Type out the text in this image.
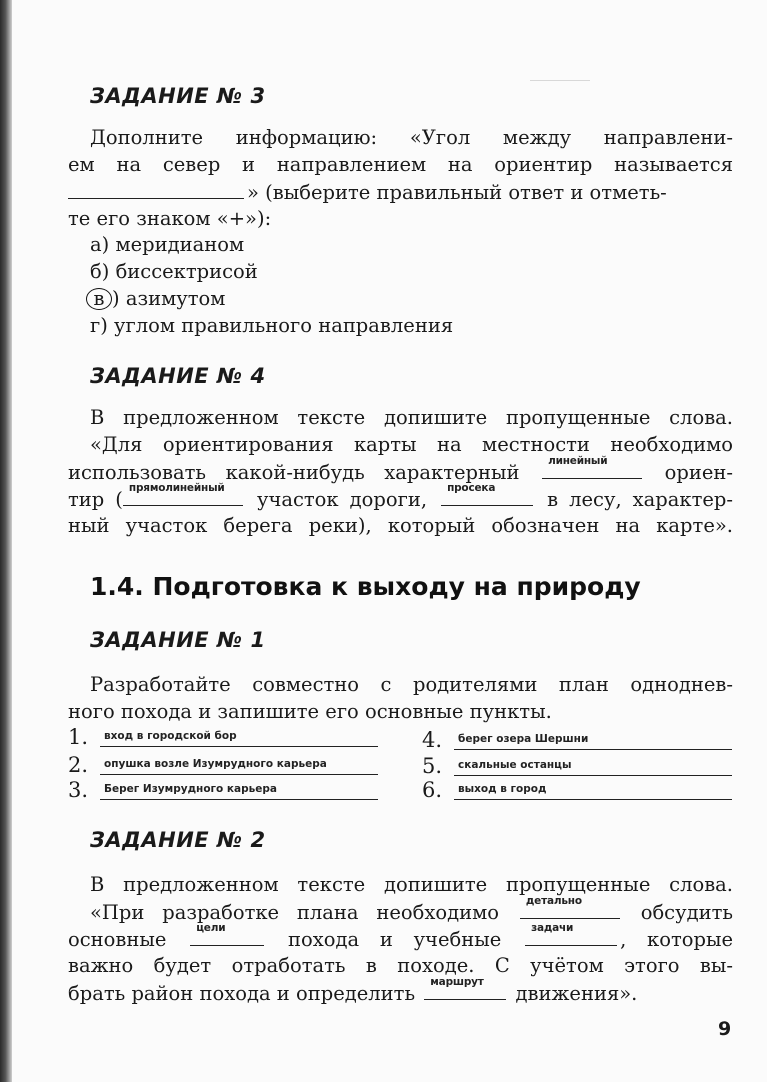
ЗАДАНИЕ № 3
Дополните информацию: «Угол между направлени-
ем на север и направлением на ориентир называется
» (выберите правильный ответ и отметь-
те его знаком «+»):
а) меридианом
б) биссектрисой
в ) азимутом
г) углом правильного направления
ЗАДАНИЕ № 4
В предложенном тексте допишите пропущенные слова.
«Для ориентирования карты на местности необходимо
использовать какой-нибудь характерный	линейный	ориен-
тир ( прямолинейный участок дороги, просека	в лесу, характер-
ный участок берега реки), который обозначен на карте».
1.4. Подготовка к выходу на природу
ЗАДАНИЕ № 1
Разработайте совместно с родителями план одноднев-
ного похода и запишите его основные пункты.
1. вход в городской бор
2. опушка возле Изумрудного карьера
3. Берег Изумрудного карьера
4. берег озера Шершни
5. скальные останцы
6. выход в город
ЗАДАНИЕ № 2
В предложенном тексте допишите пропущенные слова.
«При разработке плана необходимо	детально	обсудить
основные	цели	похода и учебные	задачи , которые
важно будет отработать в походе. С учётом этого вы-
брать район похода и определить маршрут движения».
9
